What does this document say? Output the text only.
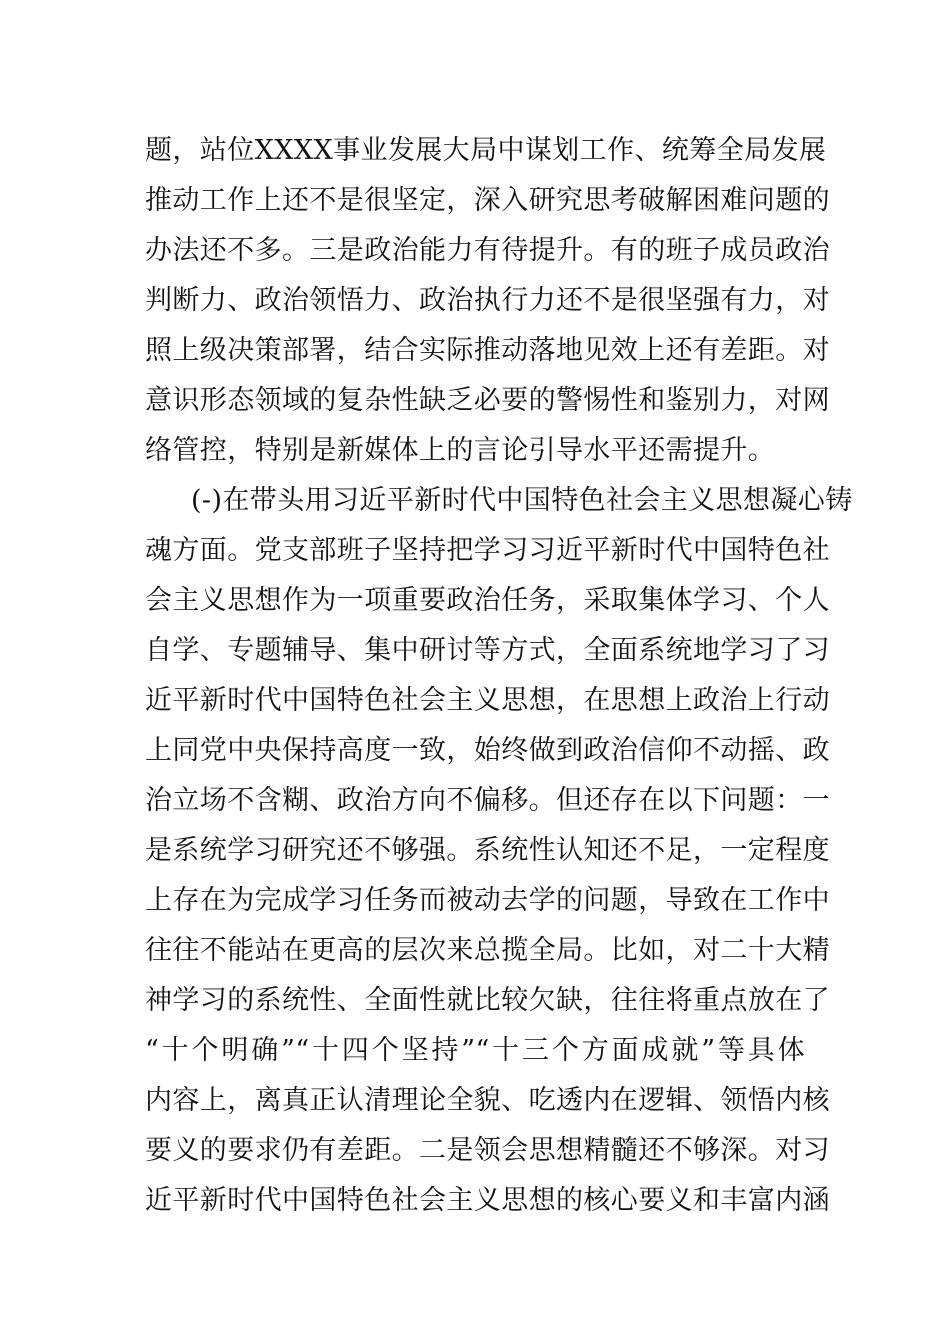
题，站位XXXX事业发展大局中谋划工作、统筹全局发展
推动工作上还不是很坚定，深入研究思考破解困难问题的
办法还不多。三是政治能力有待提升。有的班子成员政治
判断力、政治领悟力、政治执行力还不是很坚强有力，对
照上级决策部署，结合实际推动落地见效上还有差距。对
意识形态领域的复杂性缺乏必要的警惕性和鉴别力，对网
络管控，特别是新媒体上的言论引导水平还需提升。
(-)在带头用习近平新时代中国特色社会主义思想凝心铸
魂方面。党支部班子坚持把学习习近平新时代中国特色社
会主义思想作为一项重要政治任务，采取集体学习、个人
自学、专题辅导、集中研讨等方式，全面系统地学习了习
近平新时代中国特色社会主义思想，在思想上政治上行动
上同党中央保持高度一致，始终做到政治信仰不动摇、政
治立场不含糊、政治方向不偏移。但还存在以下问题：一
是系统学习研究还不够强。系统性认知还不足，一定程度
上存在为完成学习任务而被动去学的问题，导致在工作中
往往不能站在更高的层次来总揽全局。比如，对二十大精
神学习的系统性、全面性就比较欠缺，往往将重点放在了
“十个明确”“十四个坚持”“十三个方面成就”等具体
内容上，离真正认清理论全貌、吃透内在逻辑、领悟内核
要义的要求仍有差距。二是领会思想精髓还不够深。对习
近平新时代中国特色社会主义思想的核心要义和丰富内涵
